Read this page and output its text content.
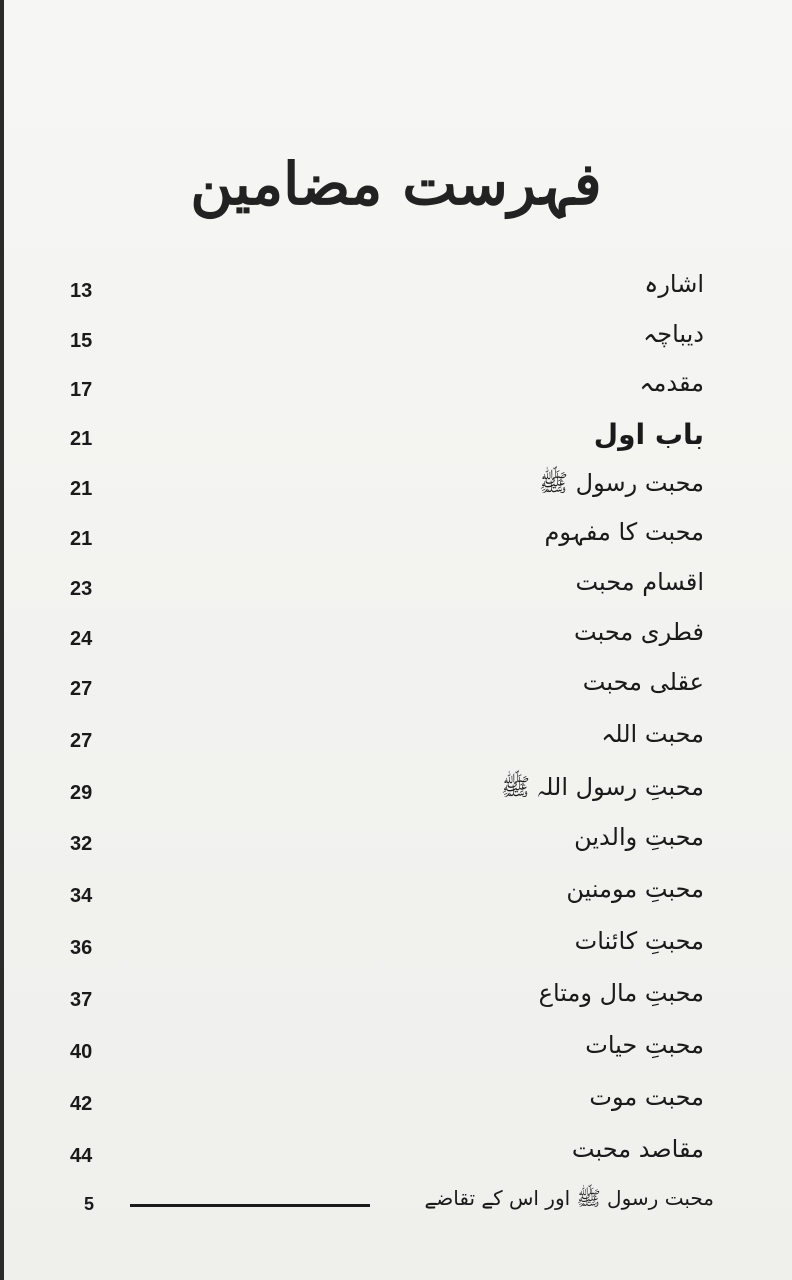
فہرست مضامین
13	اشارہ
15	دیباچہ
17	مقدمہ
21	باب اول
21	محبت رسول ﷺ
21	محبت کا مفہوم
23	اقسام محبت
24	فطری محبت
27	عقلی محبت
27	محبت اللہ
29	محبتِ رسول اللہ ﷺ
32	محبتِ والدین
34	محبتِ مومنین
36	محبتِ کائنات
37	محبتِ مال ومتاع
40	محبتِ حیات
42	محبت موت
44	مقاصد محبت
5	محبت رسول ﷺ اور اس کے تقاضے
